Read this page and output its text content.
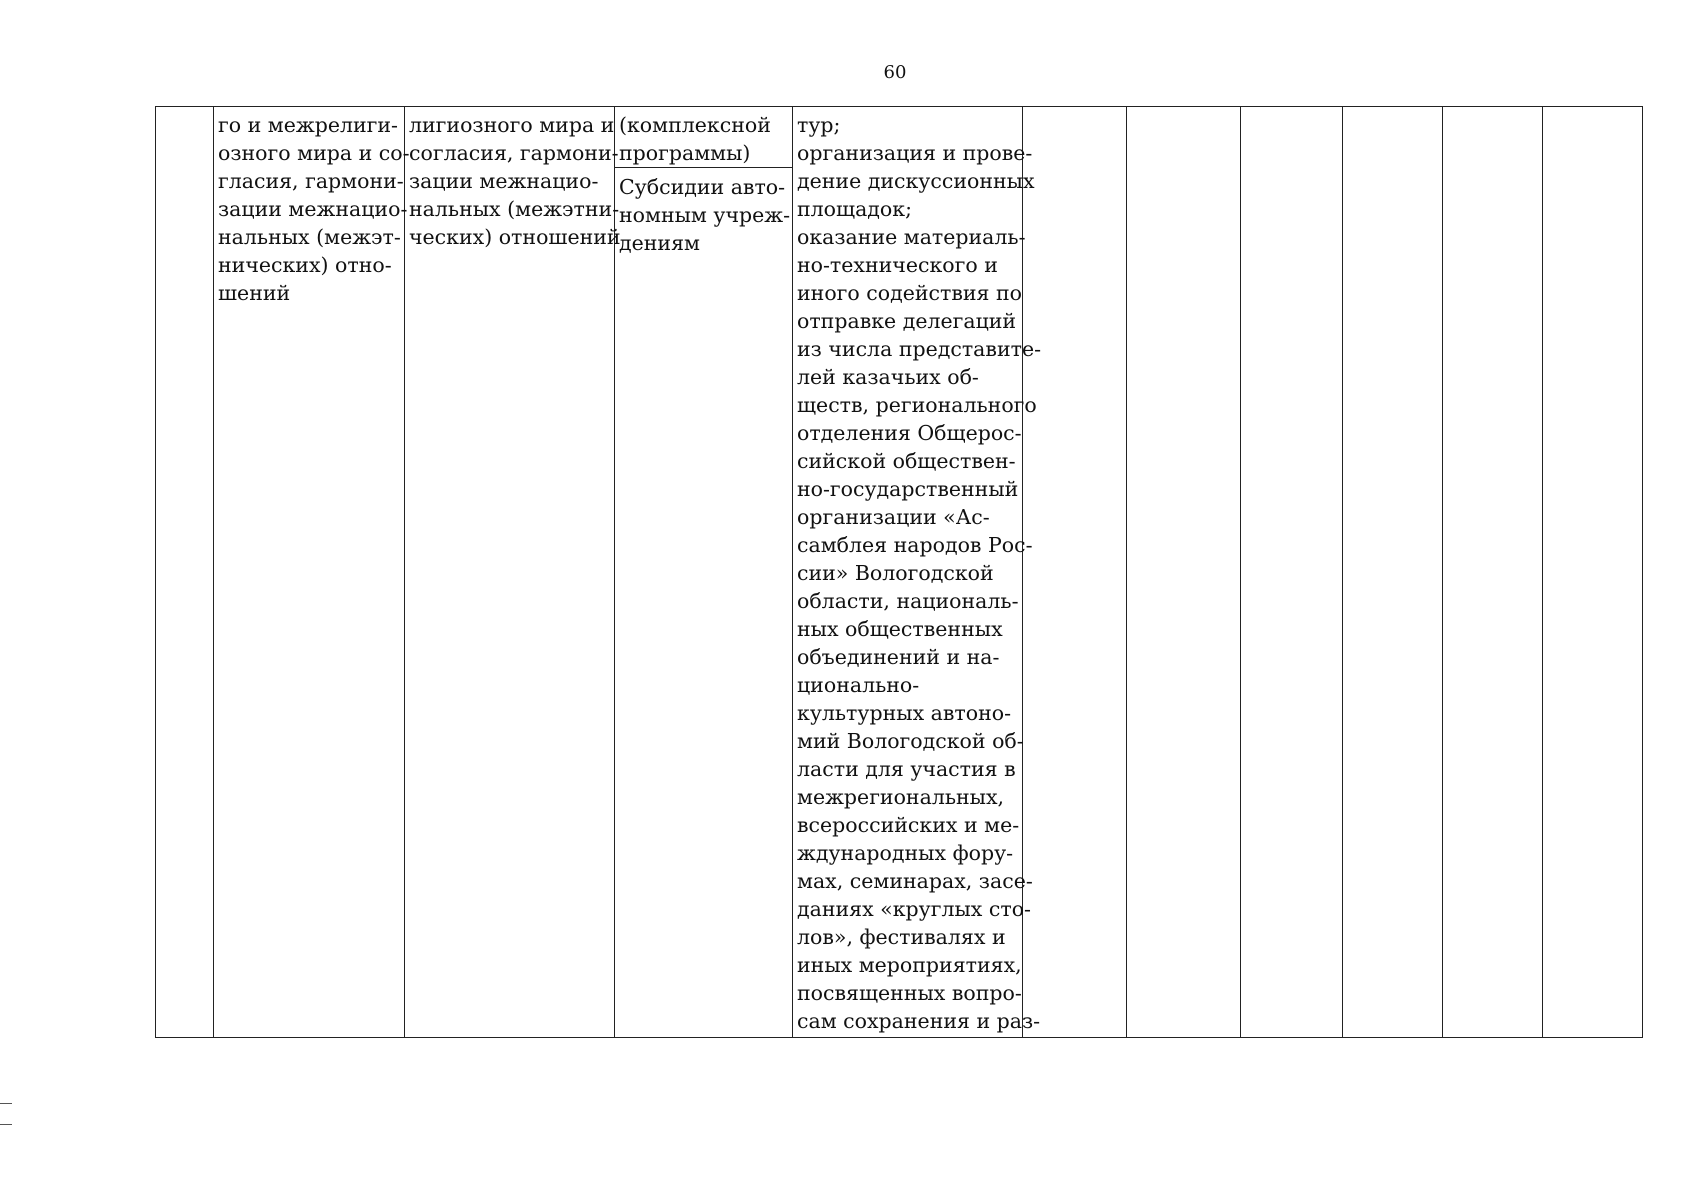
60
го и межрелиги-
озного мира и со-
гласия, гармони-
зации межнацио-
нальных (межэт-
нических) отно-
шений
лигиозного мира и
согласия, гармони-
зации межнацио-
нальных (межэтни-
ческих) отношений
(комплексной
программы)
Субсидии авто-
номным учреж-
дениям
тур;
организация и прове-
дение дискуссионных
площадок;
оказание материаль-
но-технического и
иного содействия по
отправке делегаций
из числа представите-
лей казачьих об-
ществ, регионального
отделения Общерос-
сийской обществен-
но-государственный
организации «Ас-
самблея народов Рос-
сии» Вологодской
области, националь-
ных общественных
объединений и на-
ционально-
культурных автоно-
мий Вологодской об-
ласти для участия в
межрегиональных,
всероссийских и ме-
ждународных фору-
мах, семинарах, засе-
даниях «круглых сто-
лов», фестивалях и
иных мероприятиях,
посвященных вопро-
сам сохранения и раз-
